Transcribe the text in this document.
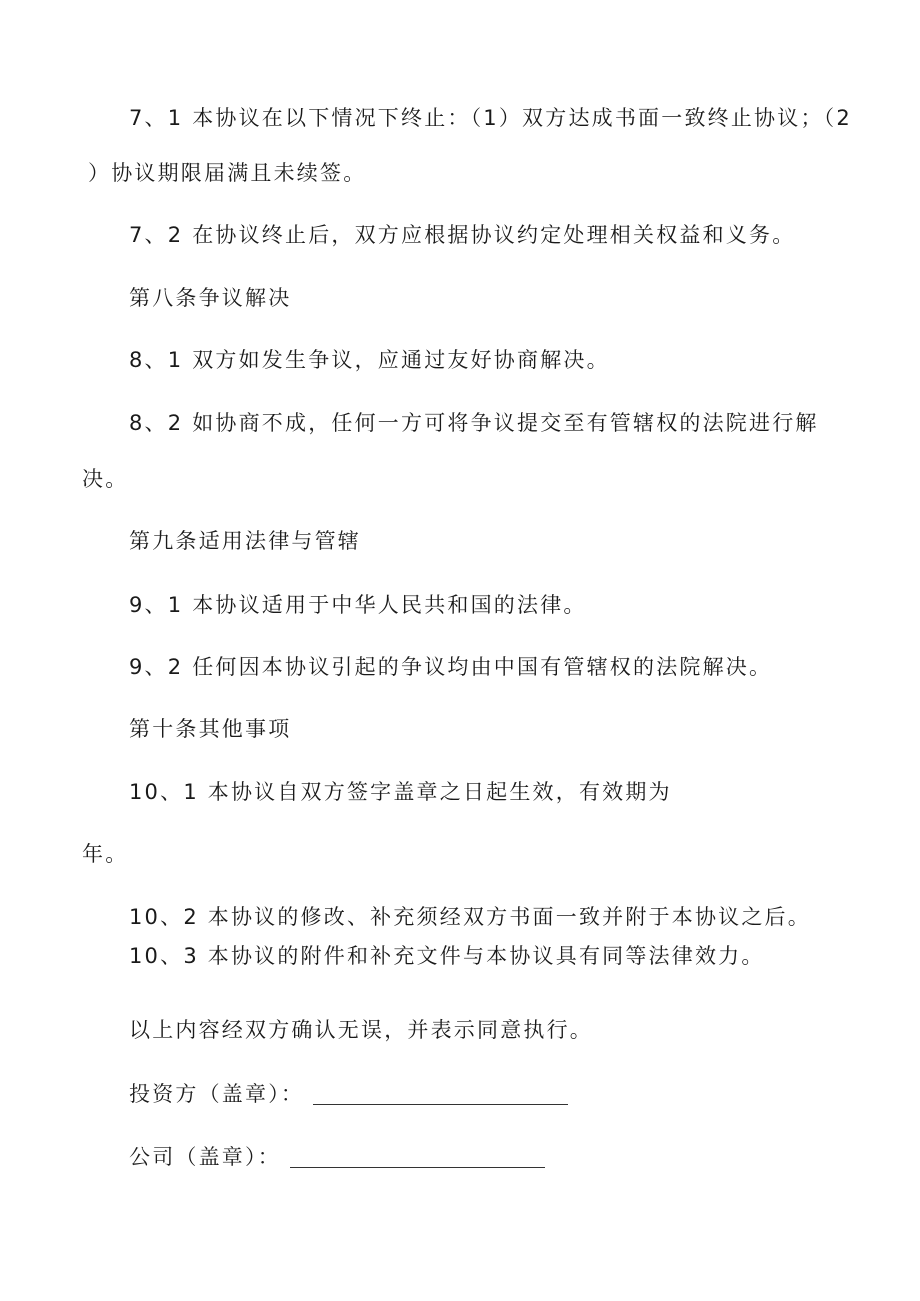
7、1 本协议在以下情况下终止：（1）双方达成书面一致终止协议；（2
）协议期限届满且未续签。
7、2 在协议终止后，双方应根据协议约定处理相关权益和义务。
第八条争议解决
8、1 双方如发生争议，应通过友好协商解决。
8、2 如协商不成，任何一方可将争议提交至有管辖权的法院进行解
决。
第九条适用法律与管辖
9、1 本协议适用于中华人民共和国的法律。
9、2 任何因本协议引起的争议均由中国有管辖权的法院解决。
第十条其他事项
10、1 本协议自双方签字盖章之日起生效，有效期为
年。
10、2 本协议的修改、补充须经双方书面一致并附于本协议之后。
10、3 本协议的附件和补充文件与本协议具有同等法律效力。
以上内容经双方确认无误，并表示同意执行。
投资方（盖章）：
公司（盖章）：
